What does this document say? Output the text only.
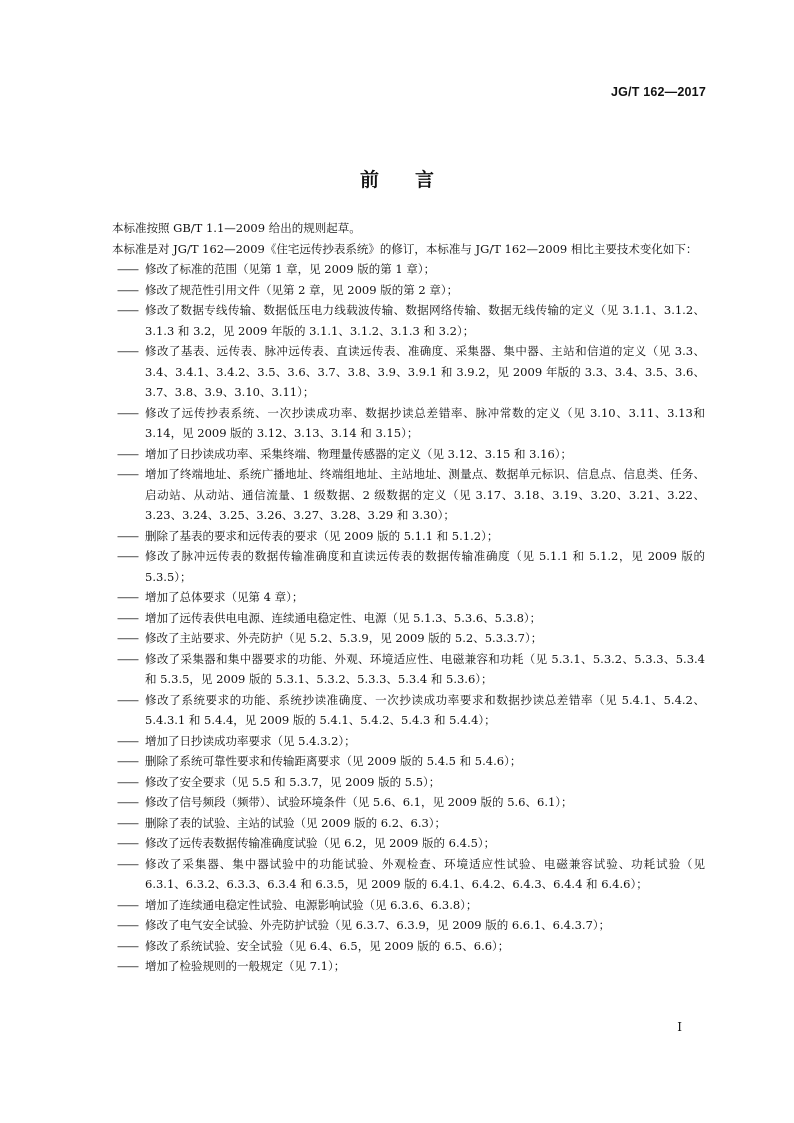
JG/T 162—2017
前言

本标准按照 GB/T 1.1—2009 给出的规则起草。

本标准是对 JG/T 162—2009《住宅远传抄表系统》的修订，本标准与 JG/T 162—2009 相比主要技术变化如下：

—— 修改了标准的范围（见第 1 章，见 2009 版的第 1 章）；

—— 修改了规范性引用文件（见第 2 章，见 2009 版的第 2 章）；

—— 修改了数据专线传输、数据低压电力线载波传输、数据网络传输、数据无线传输的定义（见 3.1.1、3.1.2、3.1.3 和 3.2，见 2009 年版的 3.1.1、3.1.2、3.1.3 和 3.2）；

—— 修改了基表、远传表、脉冲远传表、直读远传表、准确度、采集器、集中器、主站和信道的定义（见 3.3、3.4、3.4.1、3.4.2、3.5、3.6、3.7、3.8、3.9、3.9.1 和 3.9.2，见 2009 年版的 3.3、3.4、3.5、3.6、3.7、3.8、3.9、3.10、3.11）；

—— 修改了远传抄表系统、一次抄读成功率、数据抄读总差错率、脉冲常数的定义（见 3.10、3.11、3.13和 3.14，见 2009 版的 3.12、3.13、3.14 和 3.15）；

—— 增加了日抄读成功率、采集终端、物理量传感器的定义（见 3.12、3.15 和 3.16）；

—— 增加了终端地址、系统广播地址、终端组地址、主站地址、测量点、数据单元标识、信息点、信息类、任务、启动站、从动站、通信流量、1 级数据、2 级数据的定义（见 3.17、3.18、3.19、3.20、3.21、3.22、3.23、3.24、3.25、3.26、3.27、3.28、3.29 和 3.30）；

—— 删除了基表的要求和远传表的要求（见 2009 版的 5.1.1 和 5.1.2）；

—— 修改了脉冲远传表的数据传输准确度和直读远传表的数据传输准确度（见 5.1.1 和 5.1.2，见 2009 版的 5.3.5）；

—— 增加了总体要求（见第 4 章）；

—— 增加了远传表供电电源、连续通电稳定性、电源（见 5.1.3、5.3.6、5.3.8）；

—— 修改了主站要求、外壳防护（见 5.2、5.3.9，见 2009 版的 5.2、5.3.3.7）；

—— 修改了采集器和集中器要求的功能、外观、环境适应性、电磁兼容和功耗（见 5.3.1、5.3.2、5.3.3、5.3.4 和 5.3.5，见 2009 版的 5.3.1、5.3.2、5.3.3、5.3.4 和 5.3.6）；

—— 修改了系统要求的功能、系统抄读准确度、一次抄读成功率要求和数据抄读总差错率（见 5.4.1、5.4.2、5.4.3.1 和 5.4.4，见 2009 版的 5.4.1、5.4.2、5.4.3 和 5.4.4）；

—— 增加了日抄读成功率要求（见 5.4.3.2）；

—— 删除了系统可靠性要求和传输距离要求（见 2009 版的 5.4.5 和 5.4.6）；

—— 修改了安全要求（见 5.5 和 5.3.7，见 2009 版的 5.5）；

—— 修改了信号频段（频带）、试验环境条件（见 5.6、6.1，见 2009 版的 5.6、6.1）；

—— 删除了表的试验、主站的试验（见 2009 版的 6.2、6.3）；

—— 修改了远传表数据传输准确度试验（见 6.2，见 2009 版的 6.4.5）；

—— 修改了采集器、集中器试验中的功能试验、外观检查、环境适应性试验、电磁兼容试验、功耗试验（见 6.3.1、6.3.2、6.3.3、6.3.4 和 6.3.5，见 2009 版的 6.4.1、6.4.2、6.4.3、6.4.4 和 6.4.6）；

—— 增加了连续通电稳定性试验、电源影响试验（见 6.3.6、6.3.8）；

—— 修改了电气安全试验、外壳防护试验（见 6.3.7、6.3.9，见 2009 版的 6.6.1、6.4.3.7）；

—— 修改了系统试验、安全试验（见 6.4、6.5，见 2009 版的 6.5、6.6）；

—— 增加了检验规则的一般规定（见 7.1）；

I
